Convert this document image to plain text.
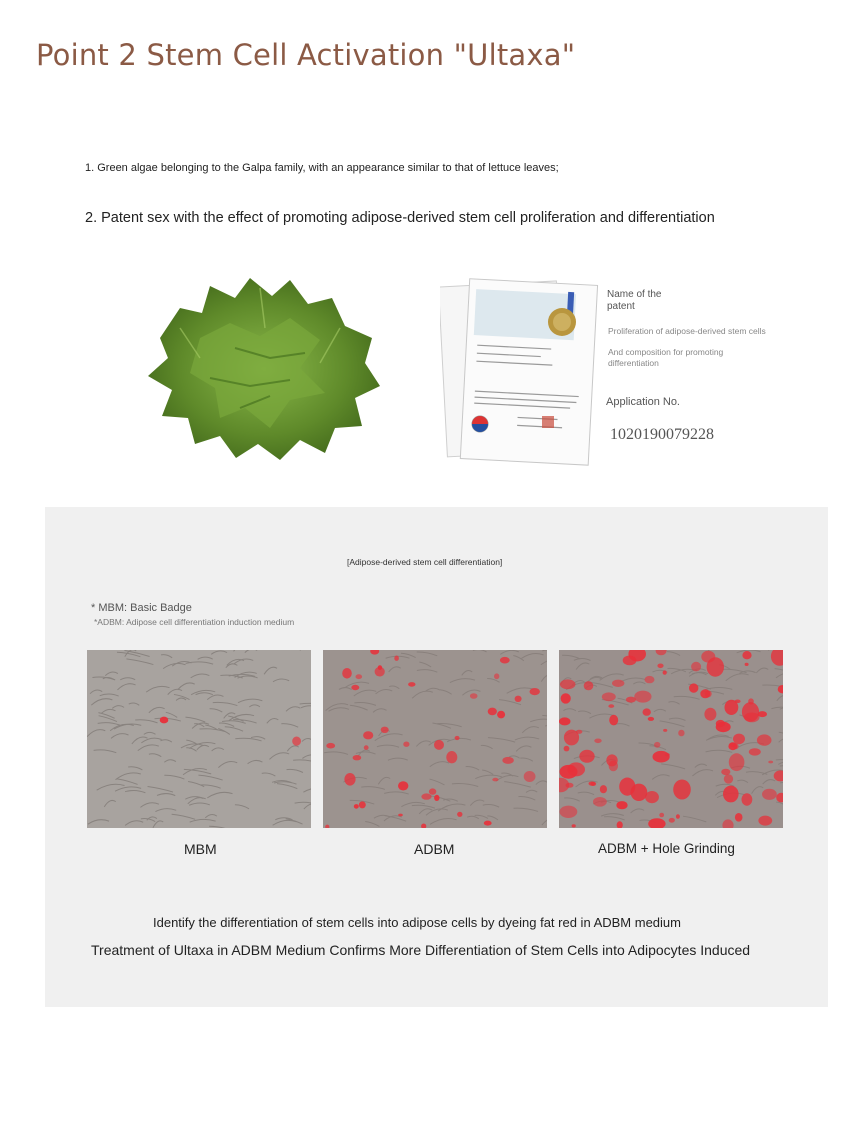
Point 2 Stem Cell Activation "Ultaxa"
1. Green algae belonging to the Galpa family, with an appearance similar to that of lettuce leaves;
2. Patent sex with the effect of promoting adipose-derived stem cell proliferation and differentiation
Name of the patent
Proliferation of adipose-derived stem cells
And composition for promoting differentiation
Application No.
1020190079228
[Adipose-derived stem cell differentiation]
* MBM: Basic Badge
*ADBM: Adipose cell differentiation induction medium
MBM	ADBM	ADBM + Hole Grinding
Identify the differentiation of stem cells into adipose cells by dyeing fat red in ADBM medium
Treatment of Ultaxa in ADBM Medium Confirms More Differentiation of Stem Cells into Adipocytes Induced
